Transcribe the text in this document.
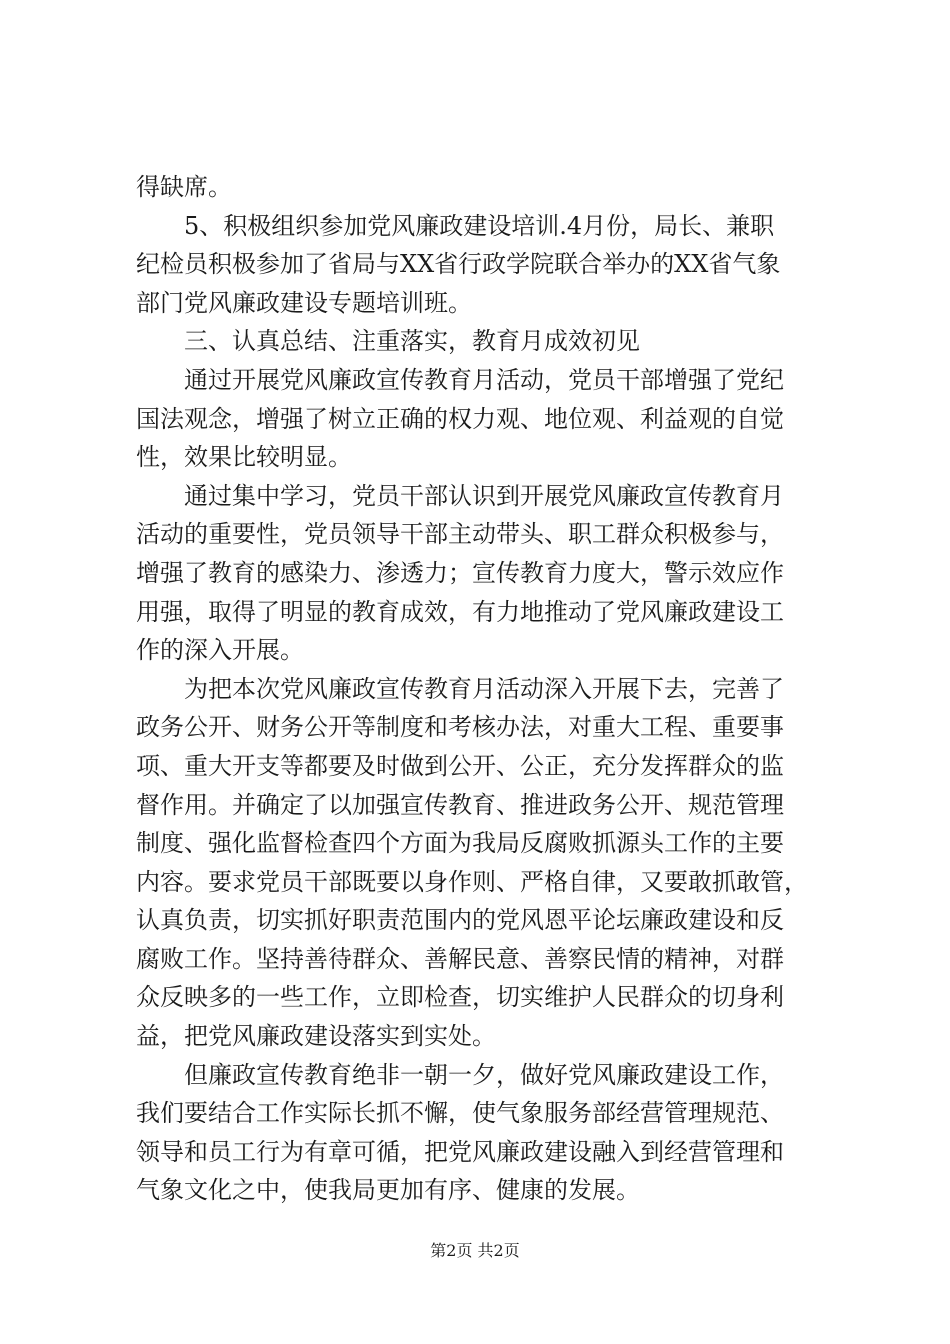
得缺席。
5、积极组织参加党风廉政建设培训.4月份，局长、兼职
纪检员积极参加了省局与XX省行政学院联合举办的XX省气象
部门党风廉政建设专题培训班。
三、认真总结、注重落实，教育月成效初见
通过开展党风廉政宣传教育月活动，党员干部增强了党纪
国法观念，增强了树立正确的权力观、地位观、利益观的自觉
性，效果比较明显。
通过集中学习，党员干部认识到开展党风廉政宣传教育月
活动的重要性，党员领导干部主动带头、职工群众积极参与，
增强了教育的感染力、渗透力；宣传教育力度大，警示效应作
用强，取得了明显的教育成效，有力地推动了党风廉政建设工
作的深入开展。
为把本次党风廉政宣传教育月活动深入开展下去，完善了
政务公开、财务公开等制度和考核办法，对重大工程、重要事
项、重大开支等都要及时做到公开、公正，充分发挥群众的监
督作用。并确定了以加强宣传教育、推进政务公开、规范管理
制度、强化监督检查四个方面为我局反腐败抓源头工作的主要
内容。要求党员干部既要以身作则、严格自律，又要敢抓敢管，
认真负责，切实抓好职责范围内的党风恩平论坛廉政建设和反
腐败工作。坚持善待群众、善解民意、善察民情的精神，对群
众反映多的一些工作，立即检查，切实维护人民群众的切身利
益，把党风廉政建设落实到实处。
但廉政宣传教育绝非一朝一夕，做好党风廉政建设工作，
我们要结合工作实际长抓不懈，使气象服务部经营管理规范、
领导和员工行为有章可循，把党风廉政建设融入到经营管理和
气象文化之中，使我局更加有序、健康的发展。
第2页 共2页
